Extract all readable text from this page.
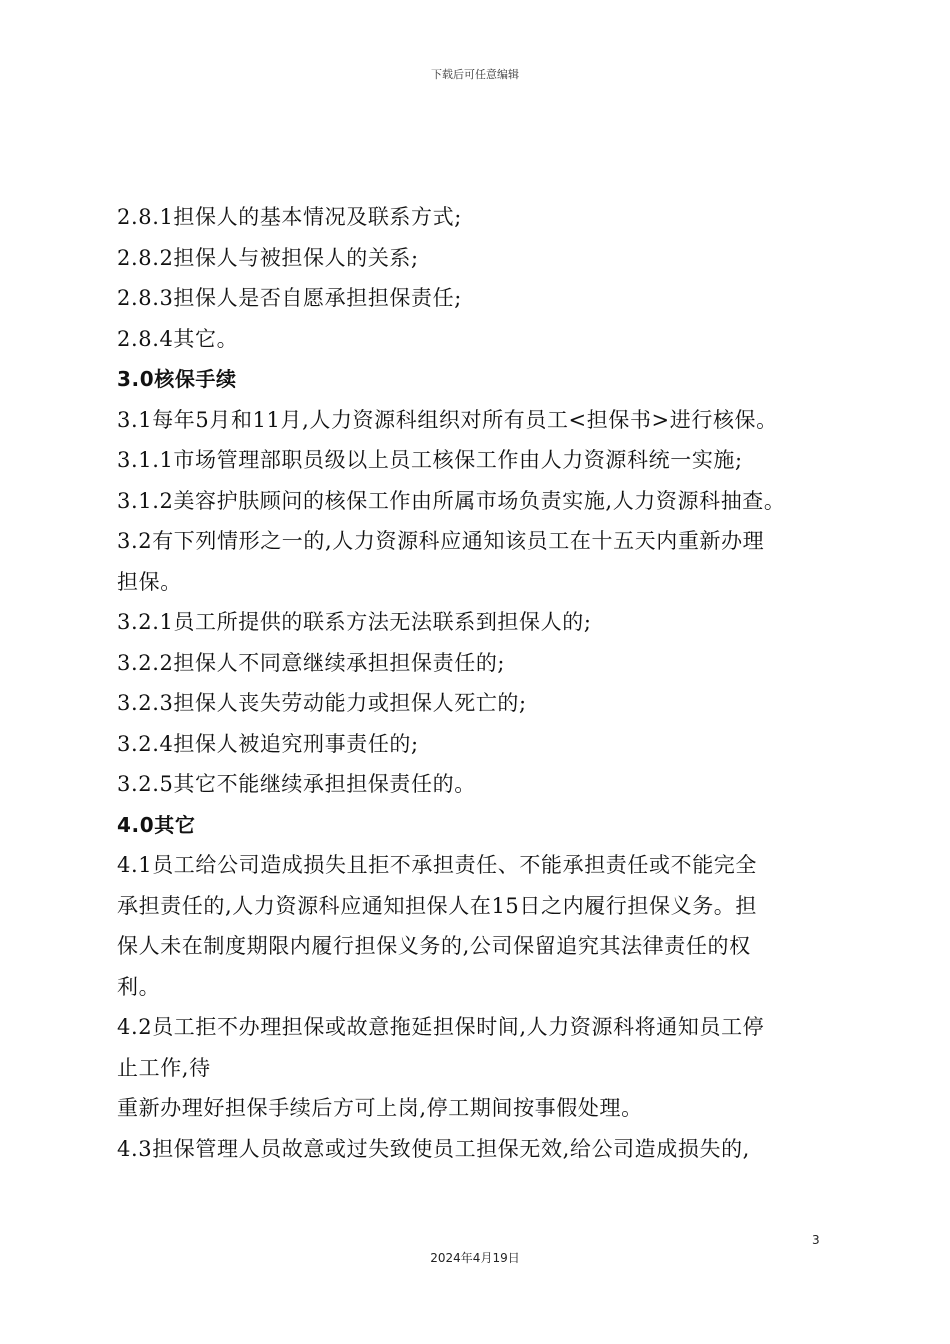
下载后可任意编辑
2.8.1担保人的基本情况及联系方式;
2.8.2担保人与被担保人的关系;
2.8.3担保人是否自愿承担担保责任;
2.8.4其它。
3.0核保手续
3.1每年5月和11月,人力资源科组织对所有员工<担保书>进行核保。
3.1.1市场管理部职员级以上员工核保工作由人力资源科统一实施;
3.1.2美容护肤顾问的核保工作由所属市场负责实施,人力资源科抽查。
3.2有下列情形之一的,人力资源科应通知该员工在十五天内重新办理
担保。
3.2.1员工所提供的联系方法无法联系到担保人的;
3.2.2担保人不同意继续承担担保责任的;
3.2.3担保人丧失劳动能力或担保人死亡的;
3.2.4担保人被追究刑事责任的;
3.2.5其它不能继续承担担保责任的。
4.0其它
4.1员工给公司造成损失且拒不承担责任、不能承担责任或不能完全
承担责任的,人力资源科应通知担保人在15日之内履行担保义务。担
保人未在制度期限内履行担保义务的,公司保留追究其法律责任的权
利。
4.2员工拒不办理担保或故意拖延担保时间,人力资源科将通知员工停
止工作,待
重新办理好担保手续后方可上岗,停工期间按事假处理。
4.3担保管理人员故意或过失致使员工担保无效,给公司造成损失的,
3
2024年4月19日
